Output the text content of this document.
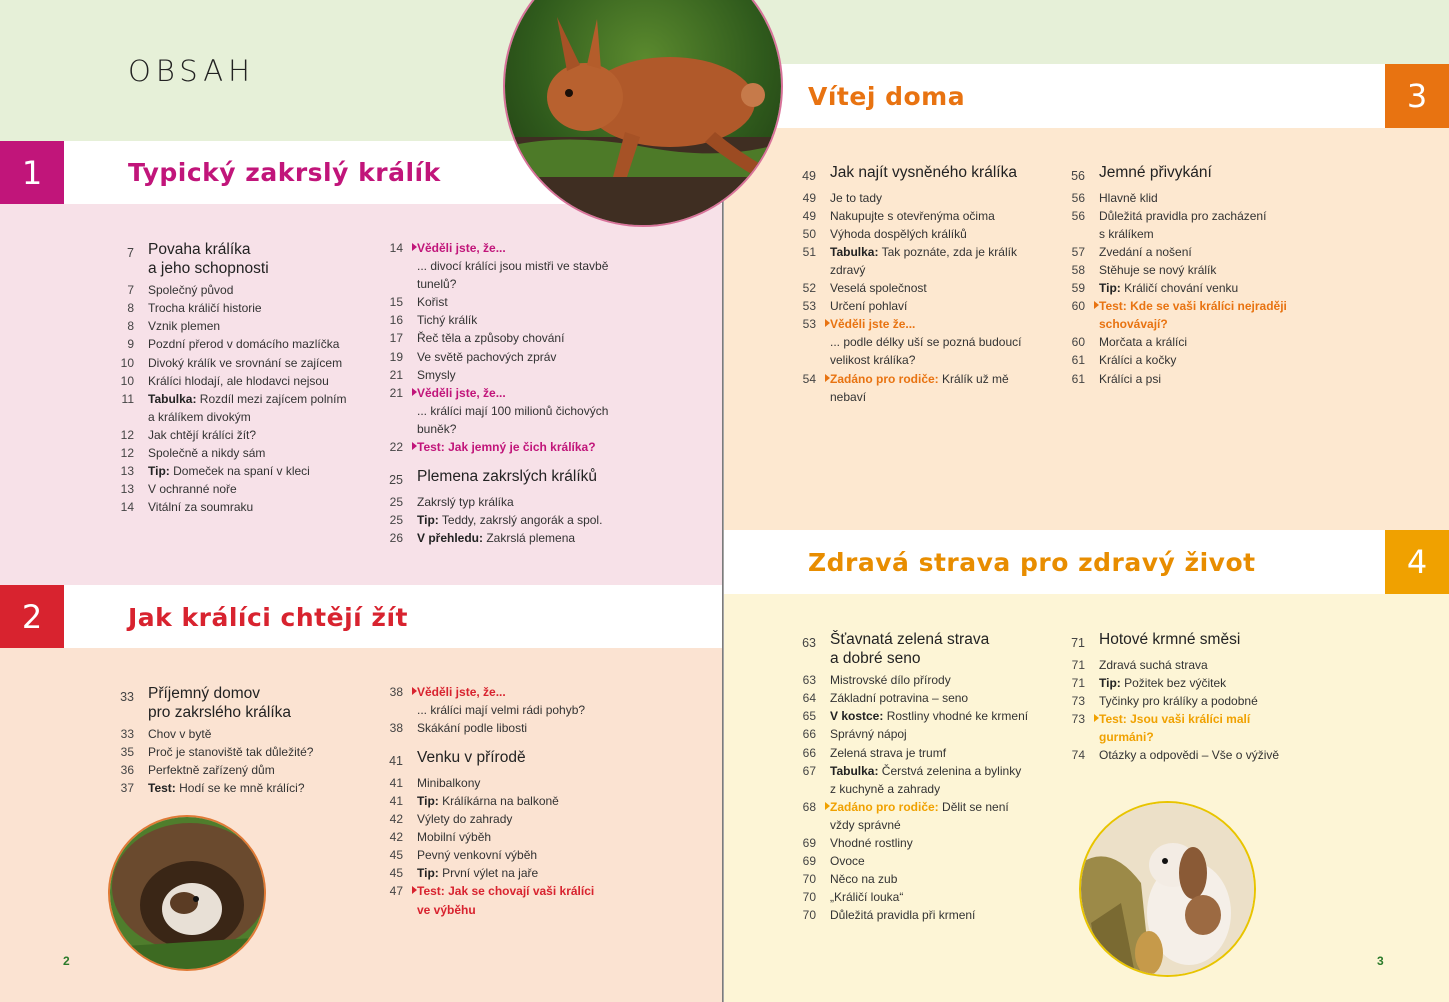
OBSAH
1	Typický zakrslý králík
2	Jak králíci chtějí žít
Vítej doma	3
Zdravá strava pro zdravý život	4
7 Povaha králíka
a jeho schopnosti
7	Společný původ
8	Trocha králičí historie
8	Vznik plemen
9	Pozdní přerod v domácího mazlíčka
10	Divoký králík ve srovnání se zajícem
10	Králíci hlodají, ale hlodavci nejsou
11	Tabulka: Rozdíl mezi zajícem polním
a králíkem divokým
12	Jak chtějí králíci žít?
12	Společně a nikdy sám
13	Tip: Domeček na spaní v kleci
13	V ochranné noře
14	Vitální za soumraku
14	Věděli jste, že...
... divocí králíci jsou mistři ve stavbě
tunelů?
15	Kořist
16	Tichý králík
17	Řeč těla a způsoby chování
19	Ve světě pachových zpráv
21	Smysly
21	Věděli jste, že...
... králíci mají 100 milionů čichových
buněk?
22	Test: Jak jemný je čich králíka?
25 Plemena zakrslých králíků
25	Zakrslý typ králíka
25	Tip: Teddy, zakrslý angorák a spol.
26	V přehledu: Zakrslá plemena
33 Příjemný domov
pro zakrslého králíka
33	Chov v bytě
35	Proč je stanoviště tak důležité?
36	Perfektně zařízený dům
37	Test: Hodí se ke mně králíci?
38	Věděli jste, že...
... králíci mají velmi rádi pohyb?
38	Skákání podle libosti
41 Venku v přírodě
41	Minibalkony
41	Tip: Králíkárna na balkoně
42	Výlety do zahrady
42	Mobilní výběh
45	Pevný venkovní výběh
45	Tip: První výlet na jaře
47	Test: Jak se chovají vaši králíci
ve výběhu
49 Jak najít vysněného králíka
49	Je to tady
49	Nakupujte s otevřenýma očima
50	Výhoda dospělých králíků
51	Tabulka: Tak poznáte, zda je králík
zdravý
52	Veselá společnost
53	Určení pohlaví
53	Věděli jste že...
... podle délky uší se pozná budoucí
velikost králíka?
54	Zadáno pro rodiče: Králík už mě
nebaví
56 Jemné přivykání
56	Hlavně klid
56	Důležitá pravidla pro zacházení
s králíkem
57	Zvedání a nošení
58	Stěhuje se nový králík
59	Tip: Králičí chování venku
60	Test: Kde se vaši králíci nejraději
schovávají?
60	Morčata a králíci
61	Králíci a kočky
61	Králíci a psi
63 Šťavnatá zelená strava
a dobré seno
63	Mistrovské dílo přírody
64	Základní potravina – seno
65	V kostce: Rostliny vhodné ke krmení
66	Správný nápoj
66	Zelená strava je trumf
67	Tabulka: Čerstvá zelenina a bylinky
z kuchyně a zahrady
68	Zadáno pro rodiče: Dělit se není
vždy správné
69	Vhodné rostliny
69	Ovoce
70	Něco na zub
70	„Králičí louka“
70	Důležitá pravidla při krmení
71 Hotové krmné směsi
71	Zdravá suchá strava
71	Tip: Požitek bez výčitek
73	Tyčinky pro králíky a podobné
73	Test: Jsou vaši králíci malí
gurmáni?
74	Otázky a odpovědi – Vše o výživě
2	3
